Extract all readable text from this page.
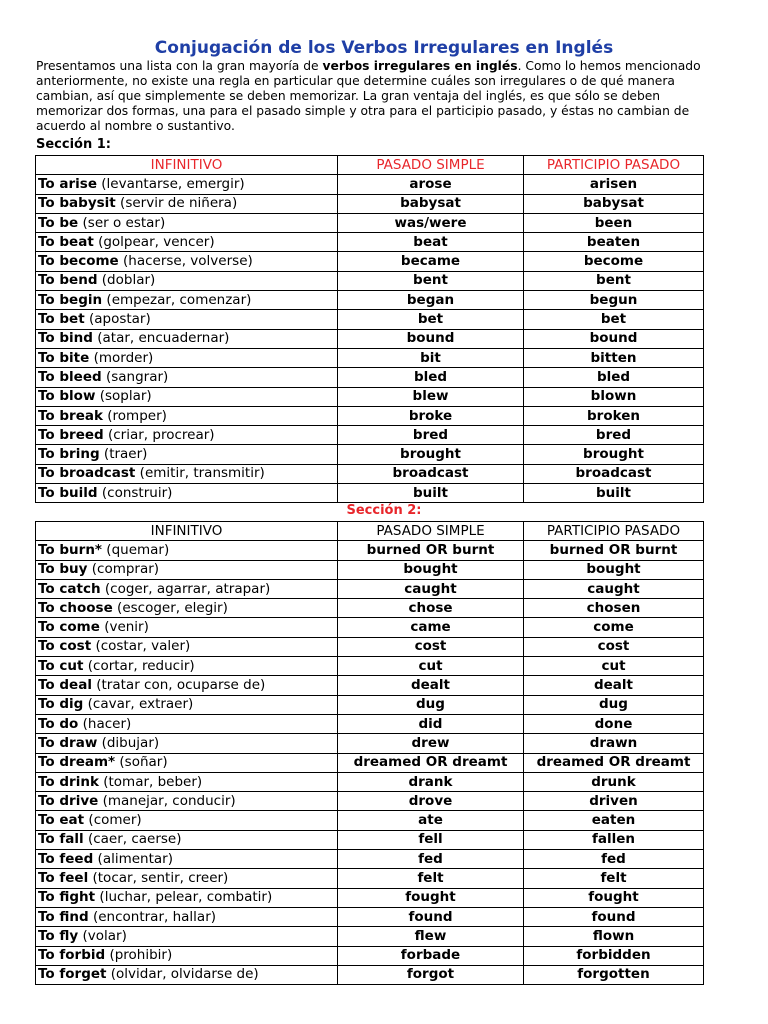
Conjugación de los Verbos Irregulares en Inglés
Presentamos una lista con la gran mayoría de verbos irregulares en inglés. Como lo hemos mencionado anteriormente, no existe una regla en particular que determine cuáles son irregulares o de qué manera cambian, así que simplemente se deben memorizar. La gran ventaja del inglés, es que sólo se deben memorizar dos formas, una para el pasado simple y otra para el participio pasado, y éstas no cambian de acuerdo al nombre o sustantivo.
Sección 1:
INFINITIVO	PASADO SIMPLE	PARTICIPIO PASADO
To arise (levantarse, emergir)	arose	arisen
To babysit (servir de niñera)	babysat	babysat
To be (ser o estar)	was/were	been
To beat (golpear, vencer)	beat	beaten
To become (hacerse, volverse)	became	become
To bend (doblar)	bent	bent
To begin (empezar, comenzar)	began	begun
To bet (apostar)	bet	bet
To bind (atar, encuadernar)	bound	bound
To bite (morder)	bit	bitten
To bleed (sangrar)	bled	bled
To blow (soplar)	blew	blown
To break (romper)	broke	broken
To breed (criar, procrear)	bred	bred
To bring (traer)	brought	brought
To broadcast (emitir, transmitir)	broadcast	broadcast
To build (construir)	built	built
Sección 2:
INFINITIVO	PASADO SIMPLE	PARTICIPIO PASADO
To burn* (quemar)	burned OR burnt	burned OR burnt
To buy (comprar)	bought	bought
To catch (coger, agarrar, atrapar)	caught	caught
To choose (escoger, elegir)	chose	chosen
To come (venir)	came	come
To cost (costar, valer)	cost	cost
To cut (cortar, reducir)	cut	cut
To deal (tratar con, ocuparse de)	dealt	dealt
To dig (cavar, extraer)	dug	dug
To do (hacer)	did	done
To draw (dibujar)	drew	drawn
To dream* (soñar)	dreamed OR dreamt	dreamed OR dreamt
To drink (tomar, beber)	drank	drunk
To drive (manejar, conducir)	drove	driven
To eat (comer)	ate	eaten
To fall (caer, caerse)	fell	fallen
To feed (alimentar)	fed	fed
To feel (tocar, sentir, creer)	felt	felt
To fight (luchar, pelear, combatir)	fought	fought
To find (encontrar, hallar)	found	found
To fly (volar)	flew	flown
To forbid (prohibir)	forbade	forbidden
To forget (olvidar, olvidarse de)	forgot	forgotten
